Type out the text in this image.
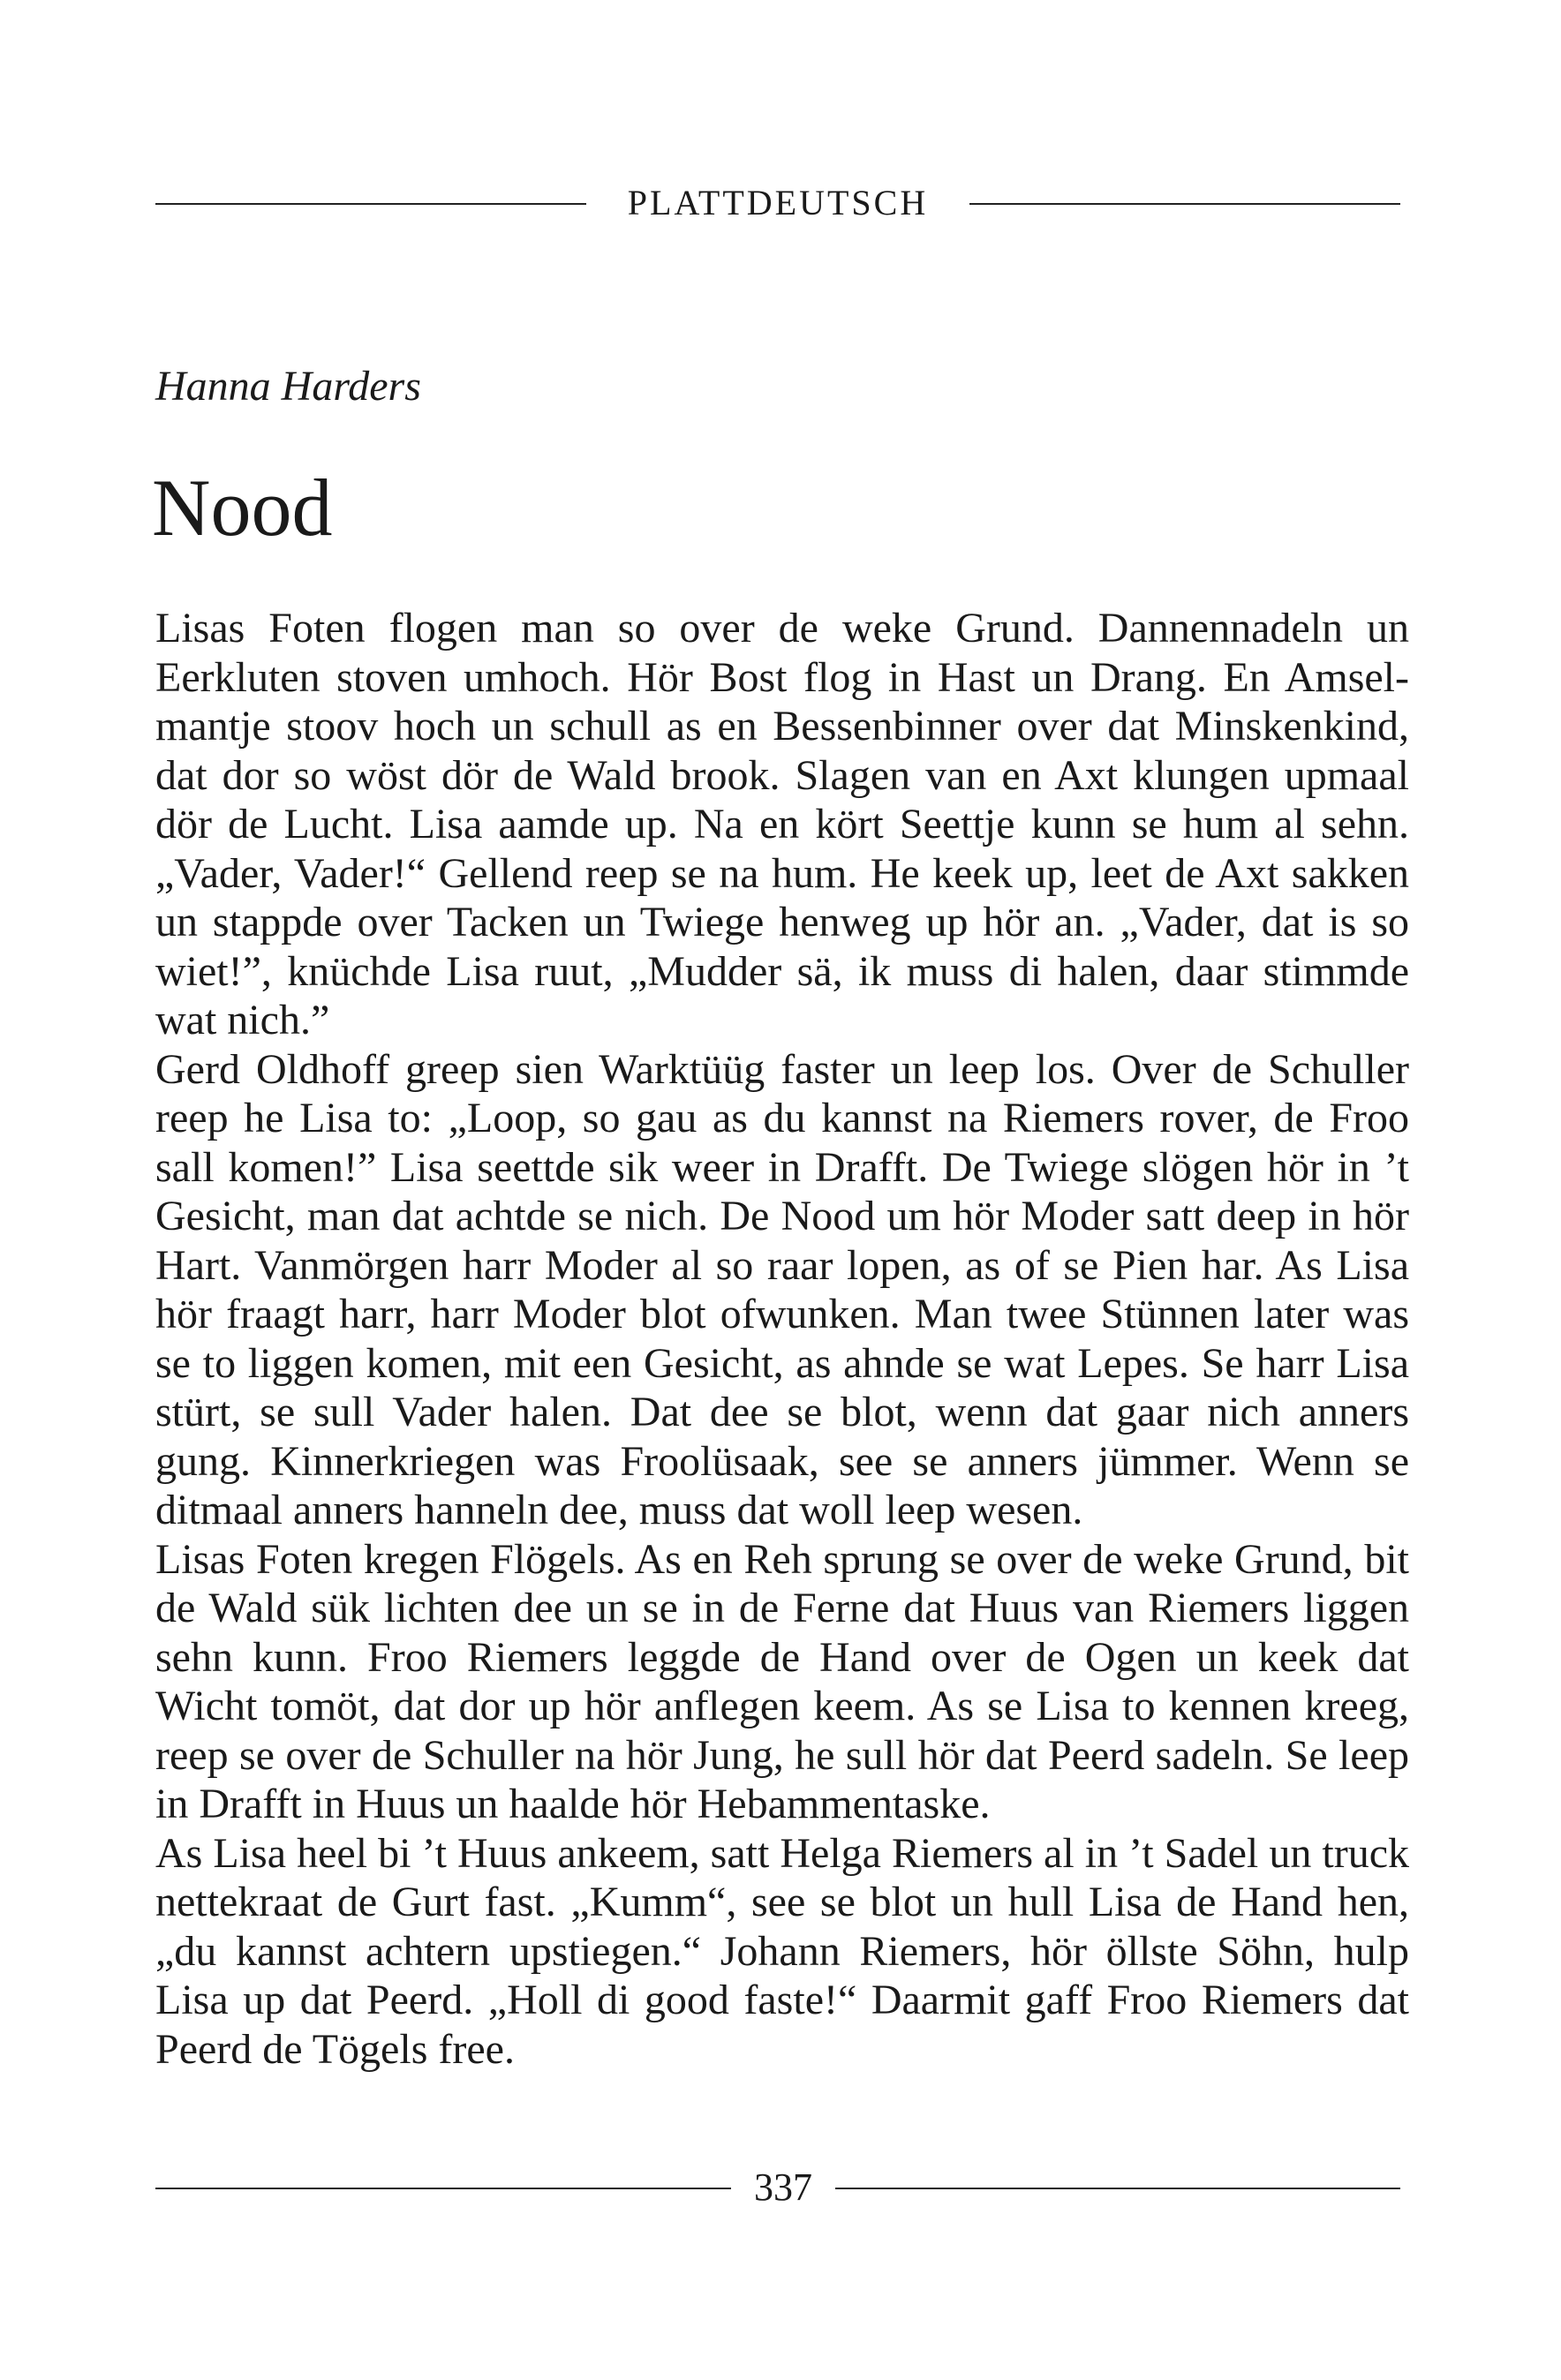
PLATTDEUTSCH
Hanna Harders
Nood

Lisas Foten flogen man so over de weke Grund. Dannennadeln un Eerkluten stoven umhoch. Hör Bost flog in Hast un Drang. En Amselmantje stoov hoch un schull as en Bessenbinner over dat Minskenkind, dat dor so wöst dör de Wald brook. Slagen van en Axt klungen upmaal dör de Lucht. Lisa aamde up. Na en kört Seettje kunn se hum al sehn. „Vader, Vader!“ Gellend reep se na hum. He keek up, leet de Axt sakken un stappde over Tacken un Twiege henweg up hör an. „Vader, dat is so wiet!”, knüchde Lisa ruut, „Mudder sä, ik muss di halen, daar stimmde wat nich.”

Gerd Oldhoff greep sien Warktüüg faster un leep los. Over de Schuller reep he Lisa to: „Loop, so gau as du kannst na Riemers rover, de Froo sall komen!” Lisa seettde sik weer in Drafft. De Twiege slögen hör in ’t Gesicht, man dat achtde se nich. De Nood um hör Moder satt deep in hör Hart. Vanmörgen harr Moder al so raar lopen, as of se Pien har. As Lisa hör fraagt harr, harr Moder blot ofwunken. Man twee Stünnen later was se to liggen komen, mit een Gesicht, as ahnde se wat Lepes. Se harr Lisa stürt, se sull Vader halen. Dat dee se blot, wenn dat gaar nich anners gung. Kinnerkriegen was Froolüsaak, see se anners jümmer. Wenn se ditmaal anners hanneln dee, muss dat woll leep wesen.

Lisas Foten kregen Flögels. As en Reh sprung se over de weke Grund, bit de Wald sük lichten dee un se in de Ferne dat Huus van Riemers liggen sehn kunn. Froo Riemers leggde de Hand over de Ogen un keek dat Wicht tomöt, dat dor up hör anflegen keem. As se Lisa to kennen kreeg, reep se over de Schuller na hör Jung, he sull hör dat Peerd sadeln. Se leep in Drafft in Huus un haalde hör Hebammentaske.

As Lisa heel bi ’t Huus ankeem, satt Helga Riemers al in ’t Sadel un truck nettekraat de Gurt fast. „Kumm“, see se blot un hull Lisa de Hand hen, „du kannst achtern upstiegen.“ Johann Riemers, hör öllste Söhn, hulp Lisa up dat Peerd. „Holl di good faste!“ Daarmit gaff Froo Riemers dat Peerd de Tögels free.

337
